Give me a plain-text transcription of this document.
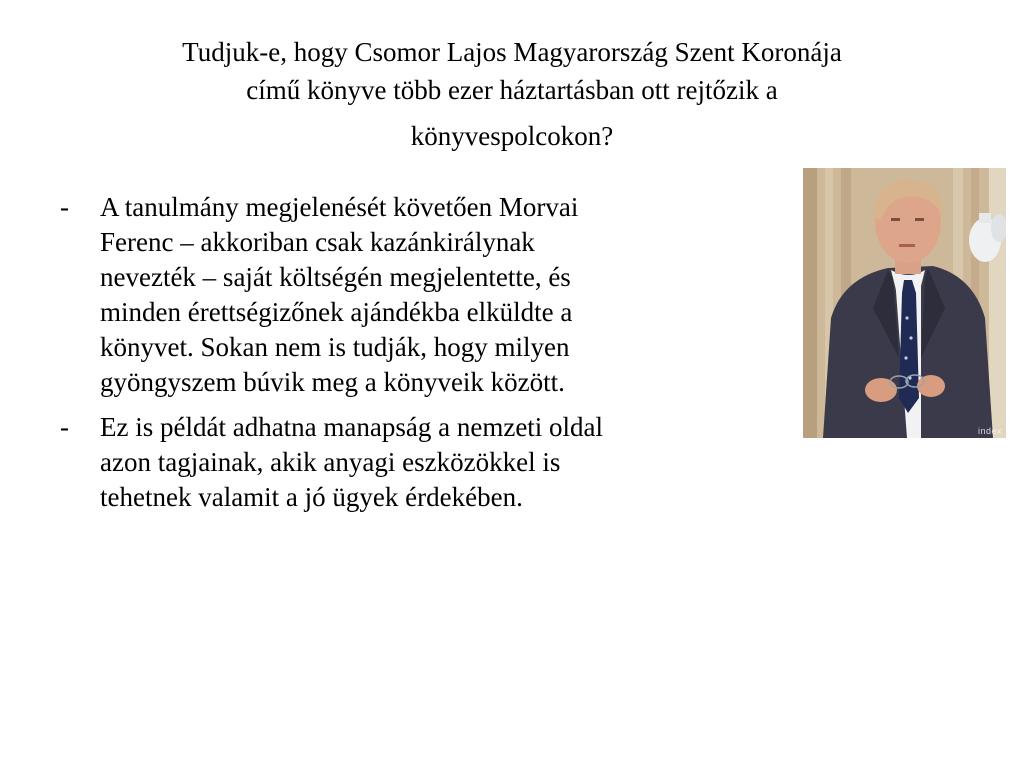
Tudjuk-e, hogy Csomor Lajos Magyarország Szent Koronája
című könyve több ezer háztartásban ott rejtőzik a
könyvespolcokon?
- A tanulmány megjelenését követően Morvai
Ferenc – akkoriban csak kazánkirálynak
nevezték – saját költségén megjelentette, és
minden érettségizőnek ajándékba elküldte a
könyvet. Sokan nem is tudják, hogy milyen
gyöngyszem búvik meg a könyveik között.
- Ez is példát adhatna manapság a nemzeti oldal
azon tagjainak, akik anyagi eszközökkel is
tehetnek valamit a jó ügyek érdekében.
index
